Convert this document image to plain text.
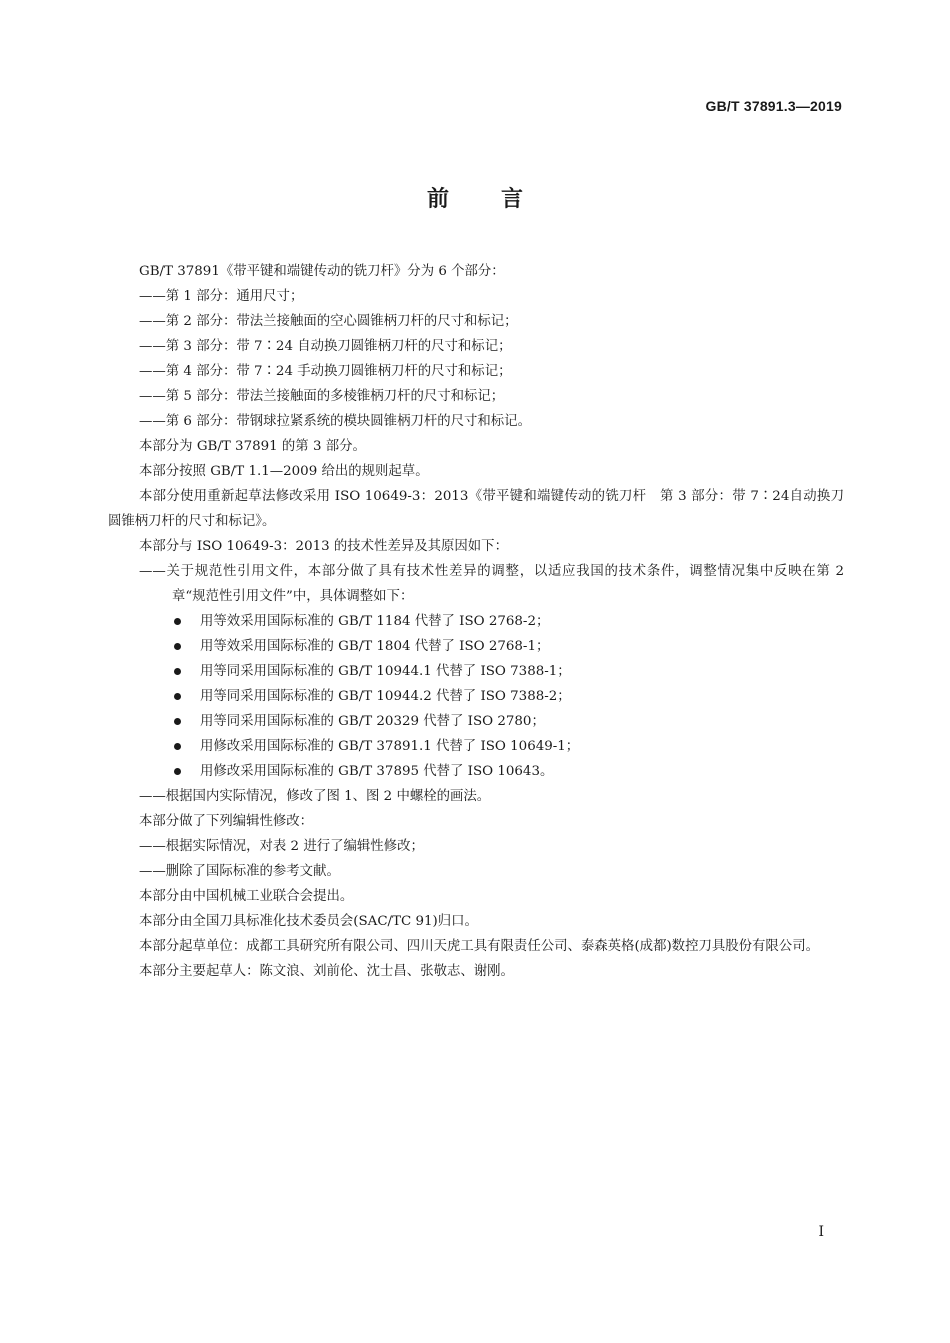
GB/T 37891.3—2019
前言

GB/T 37891《带平键和端键传动的铣刀杆》分为 6 个部分：

——第 1 部分：通用尺寸；

——第 2 部分：带法兰接触面的空心圆锥柄刀杆的尺寸和标记；

——第 3 部分：带 7∶24 自动换刀圆锥柄刀杆的尺寸和标记；

——第 4 部分：带 7∶24 手动换刀圆锥柄刀杆的尺寸和标记；

——第 5 部分：带法兰接触面的多棱锥柄刀杆的尺寸和标记；

——第 6 部分：带钢球拉紧系统的模块圆锥柄刀杆的尺寸和标记。

本部分为 GB/T 37891 的第 3 部分。

本部分按照 GB/T 1.1—2009 给出的规则起草。

本部分使用重新起草法修改采用 ISO 10649-3：2013《带平键和端键传动的铣刀杆　第 3 部分：带 7∶24自动换刀圆锥柄刀杆的尺寸和标记》。

本部分与 ISO 10649-3：2013 的技术性差异及其原因如下：

——关于规范性引用文件，本部分做了具有技术性差异的调整，以适应我国的技术条件，调整情况集中反映在第 2 章“规范性引用文件”中，具体调整如下：

用等效采用国际标准的 GB/T 1184 代替了 ISO 2768-2；

用等效采用国际标准的 GB/T 1804 代替了 ISO 2768-1；

用等同采用国际标准的 GB/T 10944.1 代替了 ISO 7388-1；

用等同采用国际标准的 GB/T 10944.2 代替了 ISO 7388-2；

用等同采用国际标准的 GB/T 20329 代替了 ISO 2780；

用修改采用国际标准的 GB/T 37891.1 代替了 ISO 10649-1；

用修改采用国际标准的 GB/T 37895 代替了 ISO 10643。

——根据国内实际情况，修改了图 1、图 2 中螺栓的画法。

本部分做了下列编辑性修改：

——根据实际情况，对表 2 进行了编辑性修改；

——删除了国际标准的参考文献。

本部分由中国机械工业联合会提出。

本部分由全国刀具标准化技术委员会(SAC/TC 91)归口。

本部分起草单位：成都工具研究所有限公司、四川天虎工具有限责任公司、泰森英格(成都)数控刀具股份有限公司。

本部分主要起草人：陈文浪、刘前伦、沈士昌、张敬志、谢刚。

I
